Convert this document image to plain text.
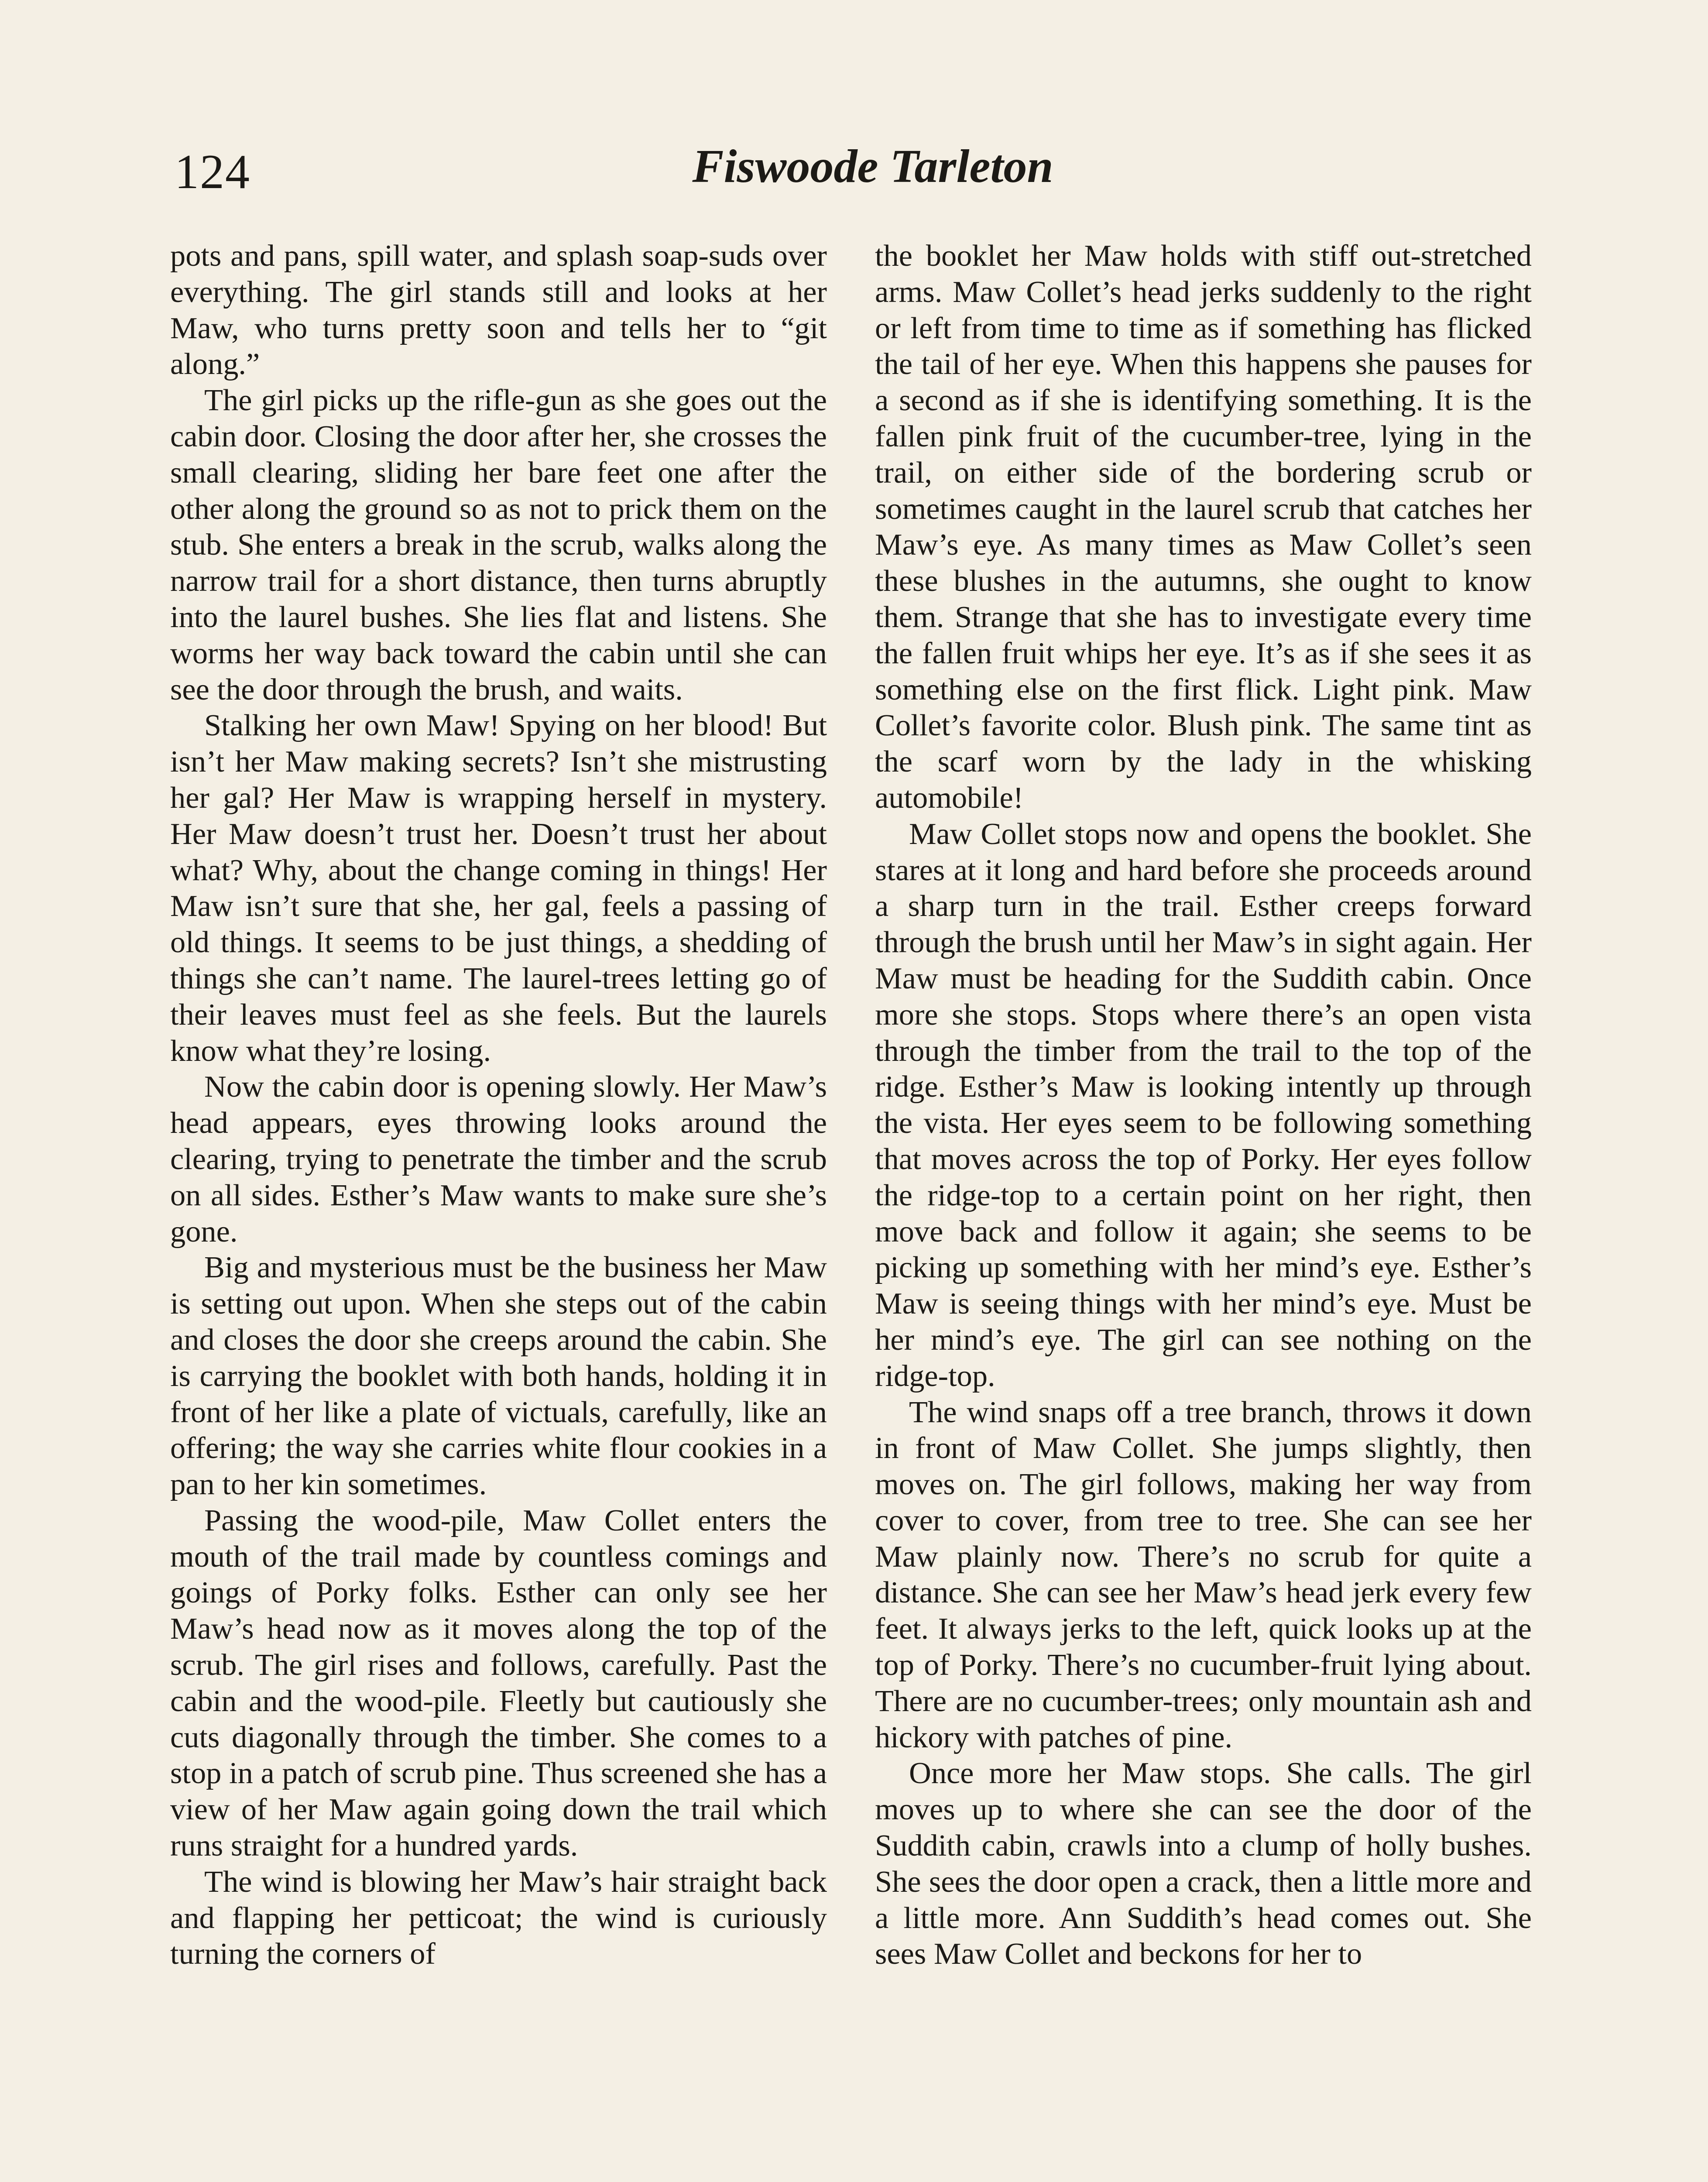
124	Fiswoode Tarleton

pots and pans, spill water, and splash soap-suds over everything. The girl stands still and looks at her Maw, who turns pretty soon and tells her to “git along.”

The girl picks up the rifle-gun as she goes out the cabin door. Closing the door after her, she crosses the small clearing, sliding her bare feet one after the other along the ground so as not to prick them on the stub. She enters a break in the scrub, walks along the narrow trail for a short distance, then turns abruptly into the laurel bushes. She lies flat and listens. She worms her way back toward the cabin until she can see the door through the brush, and waits.

Stalking her own Maw! Spying on her blood! But isn’t her Maw making secrets? Isn’t she mistrusting her gal? Her Maw is wrapping herself in mystery. Her Maw doesn’t trust her. Doesn’t trust her about what? Why, about the change coming in things! Her Maw isn’t sure that she, her gal, feels a passing of old things. It seems to be just things, a shedding of things she can’t name. The laurel-trees letting go of their leaves must feel as she feels. But the laurels know what they’re losing.

Now the cabin door is opening slowly. Her Maw’s head appears, eyes throwing looks around the clearing, trying to penetrate the timber and the scrub on all sides. Esther’s Maw wants to make sure she’s gone.

Big and mysterious must be the business her Maw is setting out upon. When she steps out of the cabin and closes the door she creeps around the cabin. She is carrying the booklet with both hands, holding it in front of her like a plate of victuals, carefully, like an offering; the way she carries white flour cookies in a pan to her kin sometimes.

Passing the wood-pile, Maw Collet enters the mouth of the trail made by countless comings and goings of Porky folks. Esther can only see her Maw’s head now as it moves along the top of the scrub. The girl rises and follows, carefully. Past the cabin and the wood-pile. Fleetly but cautiously she cuts diagonally through the timber. She comes to a stop in a patch of scrub pine. Thus screened she has a view of her Maw again going down the trail which runs straight for a hundred yards.

The wind is blowing her Maw’s hair straight back and flapping her petticoat; the wind is curiously turning the corners of

the booklet her Maw holds with stiff out-stretched arms. Maw Collet’s head jerks suddenly to the right or left from time to time as if something has flicked the tail of her eye. When this happens she pauses for a second as if she is identifying something. It is the fallen pink fruit of the cucumber-tree, lying in the trail, on either side of the bordering scrub or sometimes caught in the laurel scrub that catches her Maw’s eye. As many times as Maw Collet’s seen these blushes in the autumns, she ought to know them. Strange that she has to investigate every time the fallen fruit whips her eye. It’s as if she sees it as something else on the first flick. Light pink. Maw Collet’s favorite color. Blush pink. The same tint as the scarf worn by the lady in the whisking automobile!

Maw Collet stops now and opens the booklet. She stares at it long and hard before she proceeds around a sharp turn in the trail. Esther creeps forward through the brush until her Maw’s in sight again. Her Maw must be heading for the Suddith cabin. Once more she stops. Stops where there’s an open vista through the timber from the trail to the top of the ridge. Esther’s Maw is looking intently up through the vista. Her eyes seem to be following something that moves across the top of Porky. Her eyes follow the ridge-top to a certain point on her right, then move back and follow it again; she seems to be picking up something with her mind’s eye. Esther’s Maw is seeing things with her mind’s eye. Must be her mind’s eye. The girl can see nothing on the ridge-top.

The wind snaps off a tree branch, throws it down in front of Maw Collet. She jumps slightly, then moves on. The girl follows, making her way from cover to cover, from tree to tree. She can see her Maw plainly now. There’s no scrub for quite a distance. She can see her Maw’s head jerk every few feet. It always jerks to the left, quick looks up at the top of Porky. There’s no cucumber-fruit lying about. There are no cucumber-trees; only mountain ash and hickory with patches of pine.

Once more her Maw stops. She calls. The girl moves up to where she can see the door of the Suddith cabin, crawls into a clump of holly bushes. She sees the door open a crack, then a little more and a little more. Ann Suddith’s head comes out. She sees Maw Collet and beckons for her to
